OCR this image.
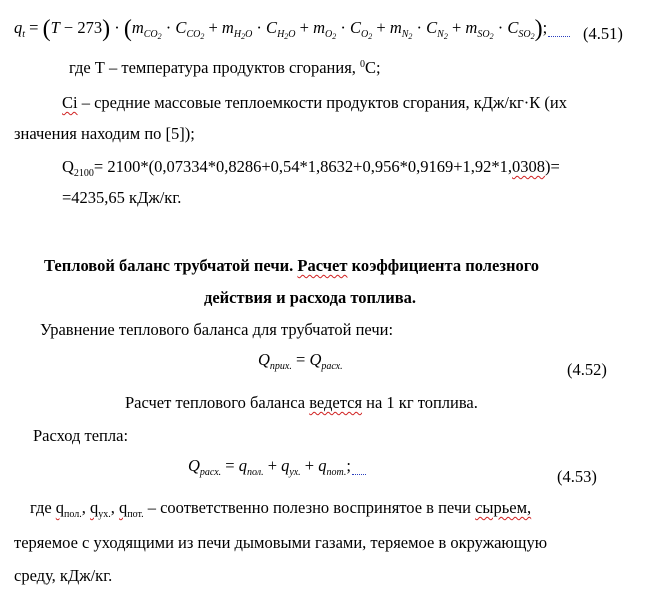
$q_t = (T - 273) \cdot (m_{CO_2} \cdot C_{CO_2} + m_{H_2O} \cdot C_{H_2O} + m_{O_2} \cdot C_{O_2} + m_{N_2} \cdot C_{N_2} + m_{SO_2} \cdot C_{SO_2})$;	(4.51)
где Т – температура продуктов сгорания, $^0$С;
Ci – средние массовые теплоемкости продуктов сгорания, кДж/кг·К (их
значения находим по [5]);
$Q_{2100}= 2100*(0,07334*0,8286+0,54*1,8632+0,956*0,9169+1,92*1,0308)=$
=4235,65 кДж/кг.
Тепловой баланс трубчатой печи. Расчет коэффициента полезного
действия и расхода топлива.
Уравнение теплового баланса для трубчатой печи:
$Q_{прих.} = Q_{расх.}$	(4.52)
Расчет теплового баланса ведется на 1 кг топлива.
Расход тепла:
$Q_{расх.} = q_{пол.} + q_{ух.} + q_{пот.}$;
(4.53)
где $q_{пол.}$, $q_{ух.}$, $q_{пот.}$ – соответственно полезно воспринятое в печи сырьем,
теряемое с уходящими из печи дымовыми газами, теряемое в окружающую
среду, кДж/кг.
